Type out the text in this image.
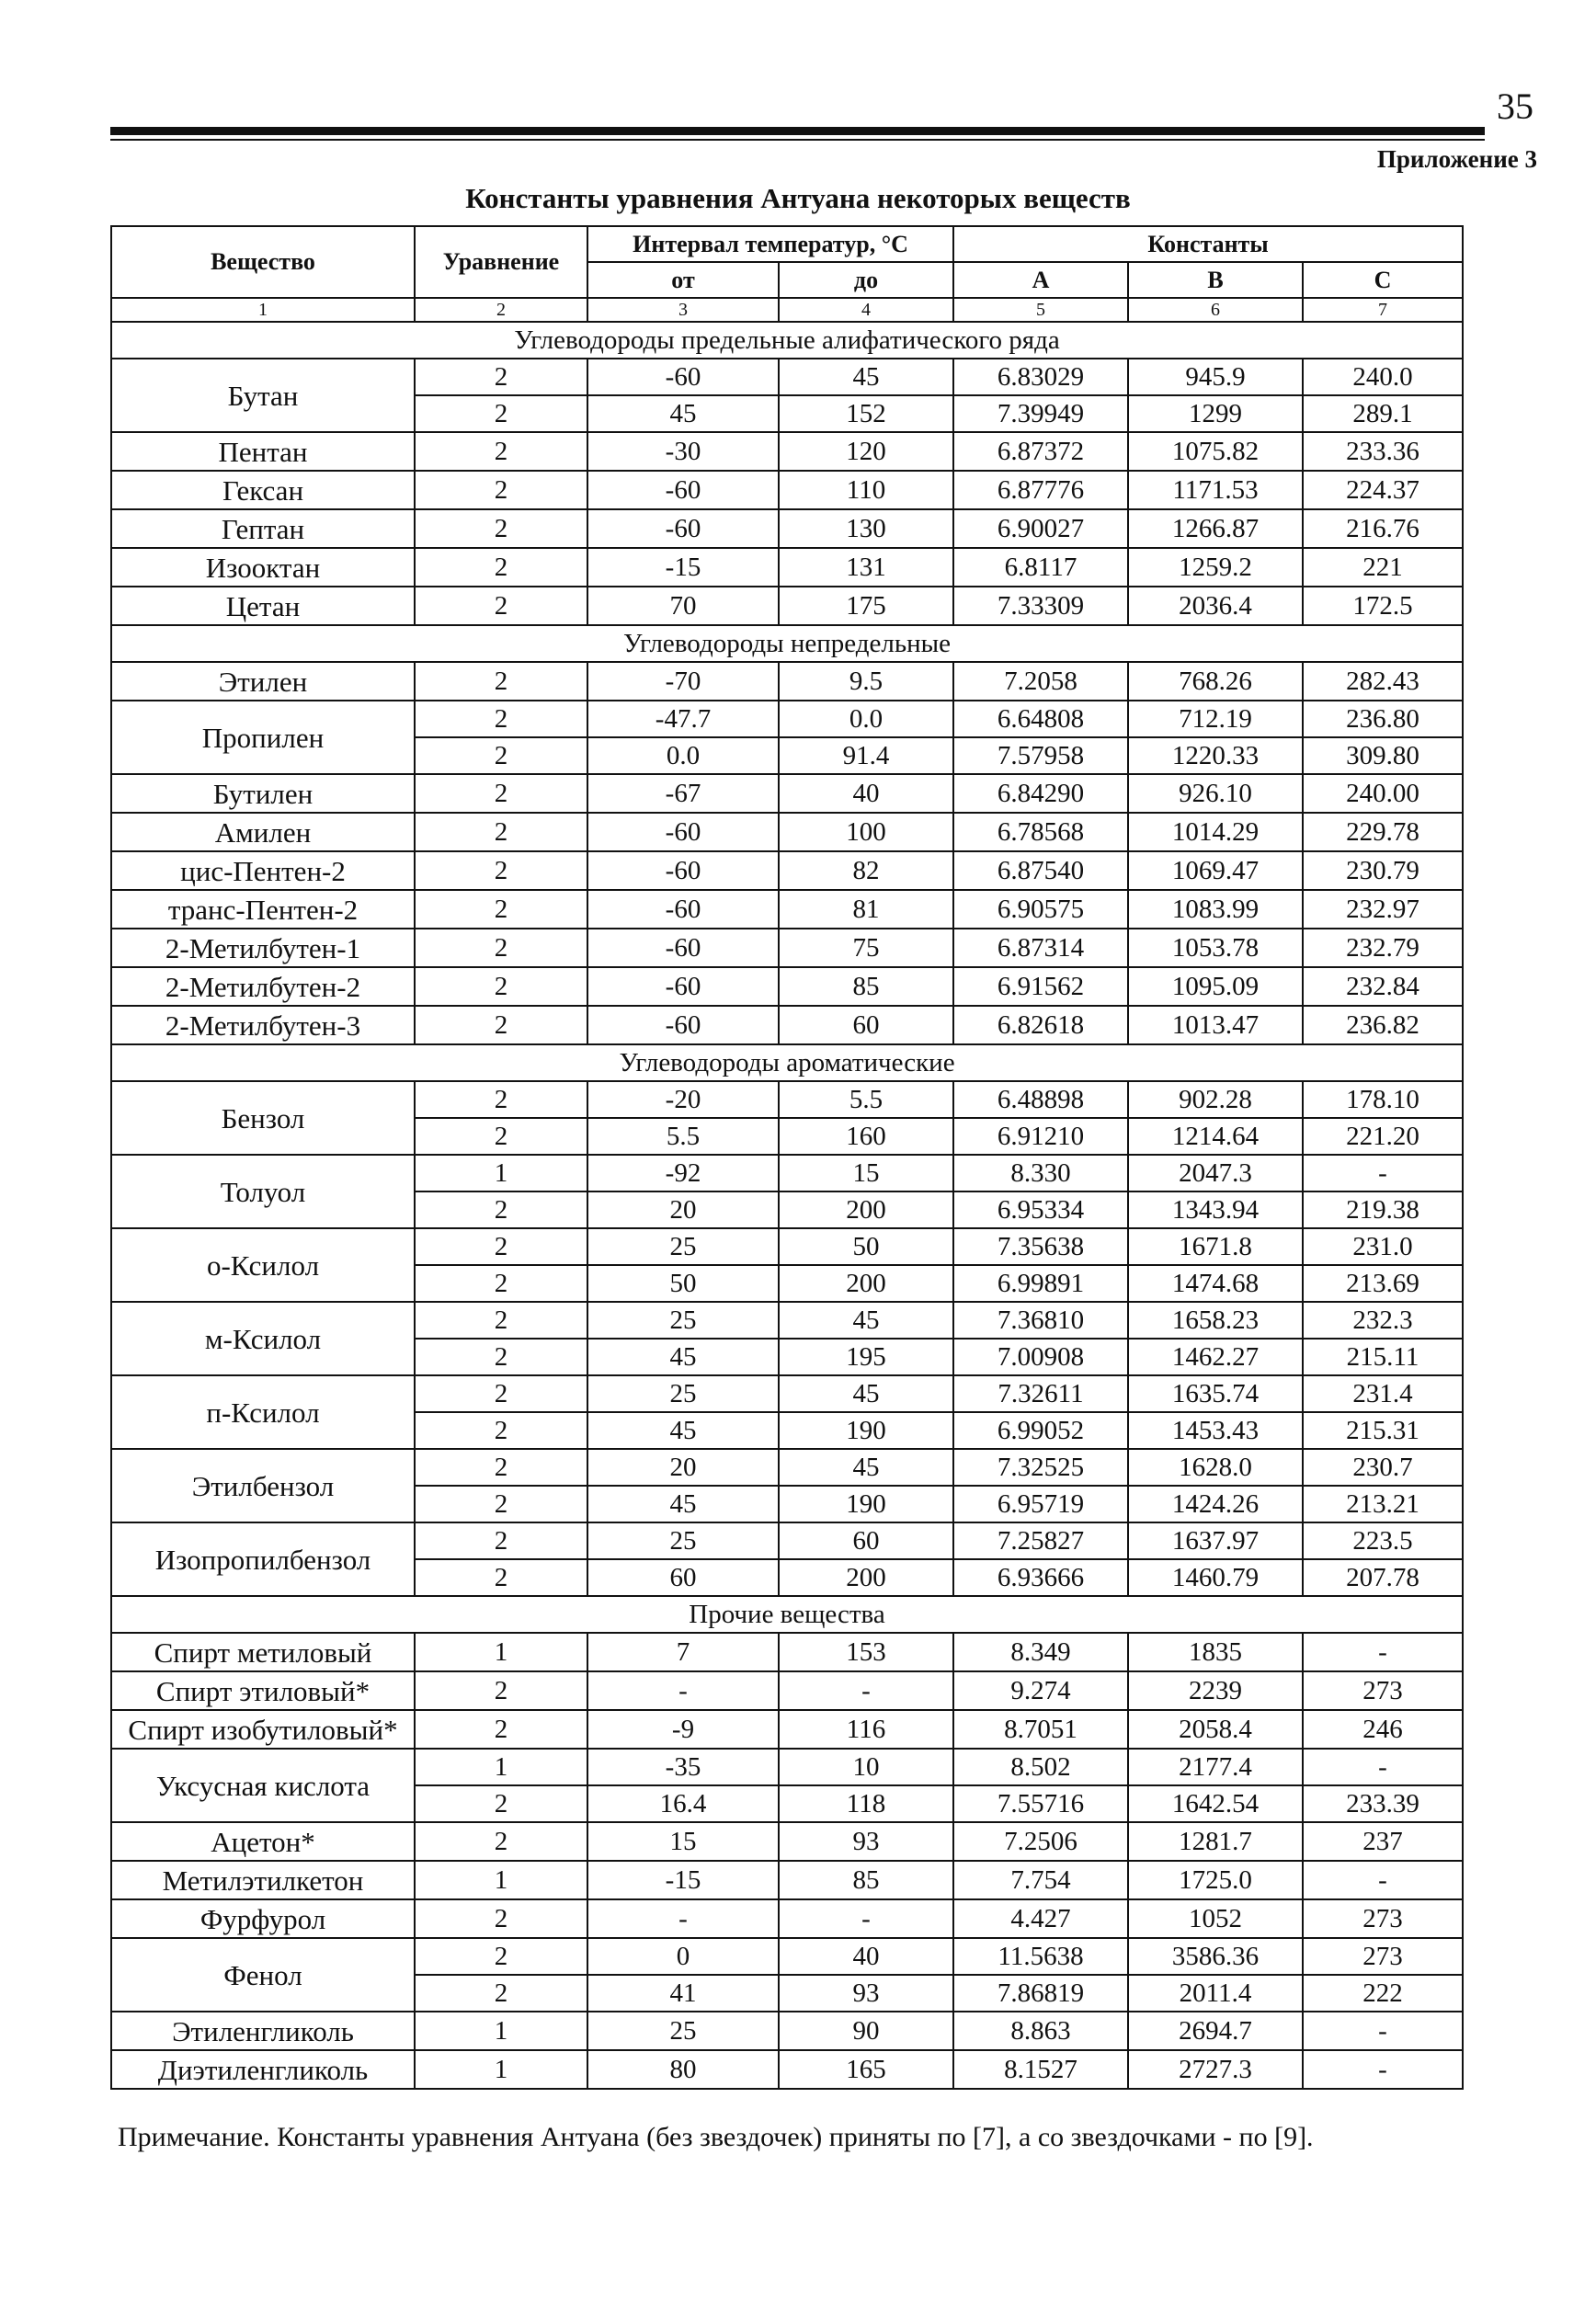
35
Приложение 3
Константы уравнения Антуана некоторых веществ
Вещество	Уравнение	Интервал температур, °С		Константы		
		от	до	A	B	C
1	2	3	4	5	6	7
Углеводороды предельные алифатического ряда						
Бутан	2	-60	45	6.83029	945.9	240.0
	2	45	152	7.39949	1299	289.1
Пентан	2	-30	120	6.87372	1075.82	233.36
Гексан	2	-60	110	6.87776	1171.53	224.37
Гептан	2	-60	130	6.90027	1266.87	216.76
Изооктан	2	-15	131	6.8117	1259.2	221
Цетан	2	70	175	7.33309	2036.4	172.5
Углеводороды непредельные						
Этилен	2	-70	9.5	7.2058	768.26	282.43
Пропилен	2	-47.7	0.0	6.64808	712.19	236.80
	2	0.0	91.4	7.57958	1220.33	309.80
Бутилен	2	-67	40	6.84290	926.10	240.00
Амилен	2	-60	100	6.78568	1014.29	229.78
цис-Пентен-2	2	-60	82	6.87540	1069.47	230.79
транс-Пентен-2	2	-60	81	6.90575	1083.99	232.97
2-Метилбутен-1	2	-60	75	6.87314	1053.78	232.79
2-Метилбутен-2	2	-60	85	6.91562	1095.09	232.84
2-Метилбутен-3	2	-60	60	6.82618	1013.47	236.82
Углеводороды ароматические						
Бензол	2	-20	5.5	6.48898	902.28	178.10
	2	5.5	160	6.91210	1214.64	221.20
Толуол	1	-92	15	8.330	2047.3	-
	2	20	200	6.95334	1343.94	219.38
о-Ксилол	2	25	50	7.35638	1671.8	231.0
	2	50	200	6.99891	1474.68	213.69
м-Ксилол	2	25	45	7.36810	1658.23	232.3
	2	45	195	7.00908	1462.27	215.11
п-Ксилол	2	25	45	7.32611	1635.74	231.4
	2	45	190	6.99052	1453.43	215.31
Этилбензол	2	20	45	7.32525	1628.0	230.7
	2	45	190	6.95719	1424.26	213.21
Изопропилбензол	2	25	60	7.25827	1637.97	223.5
	2	60	200	6.93666	1460.79	207.78
Прочие вещества						
Спирт метиловый	1	7	153	8.349	1835	-
Спирт этиловый*	2	-	-	9.274	2239	273
Спирт изобутиловый*	2	-9	116	8.7051	2058.4	246
Уксусная кислота	1	-35	10	8.502	2177.4	-
	2	16.4	118	7.55716	1642.54	233.39
Ацетон*	2	15	93	7.2506	1281.7	237
Метилэтилкетон	1	-15	85	7.754	1725.0	-
Фурфурол	2	-	-	4.427	1052	273
Фенол	2	0	40	11.5638	3586.36	273
	2	41	93	7.86819	2011.4	222
Этиленгликоль	1	25	90	8.863	2694.7	-
Диэтиленгликоль	1	80	165	8.1527	2727.3	-
Примечание. Константы уравнения Антуана (без звездочек) приняты по [7], а со звездочками - по [9].
